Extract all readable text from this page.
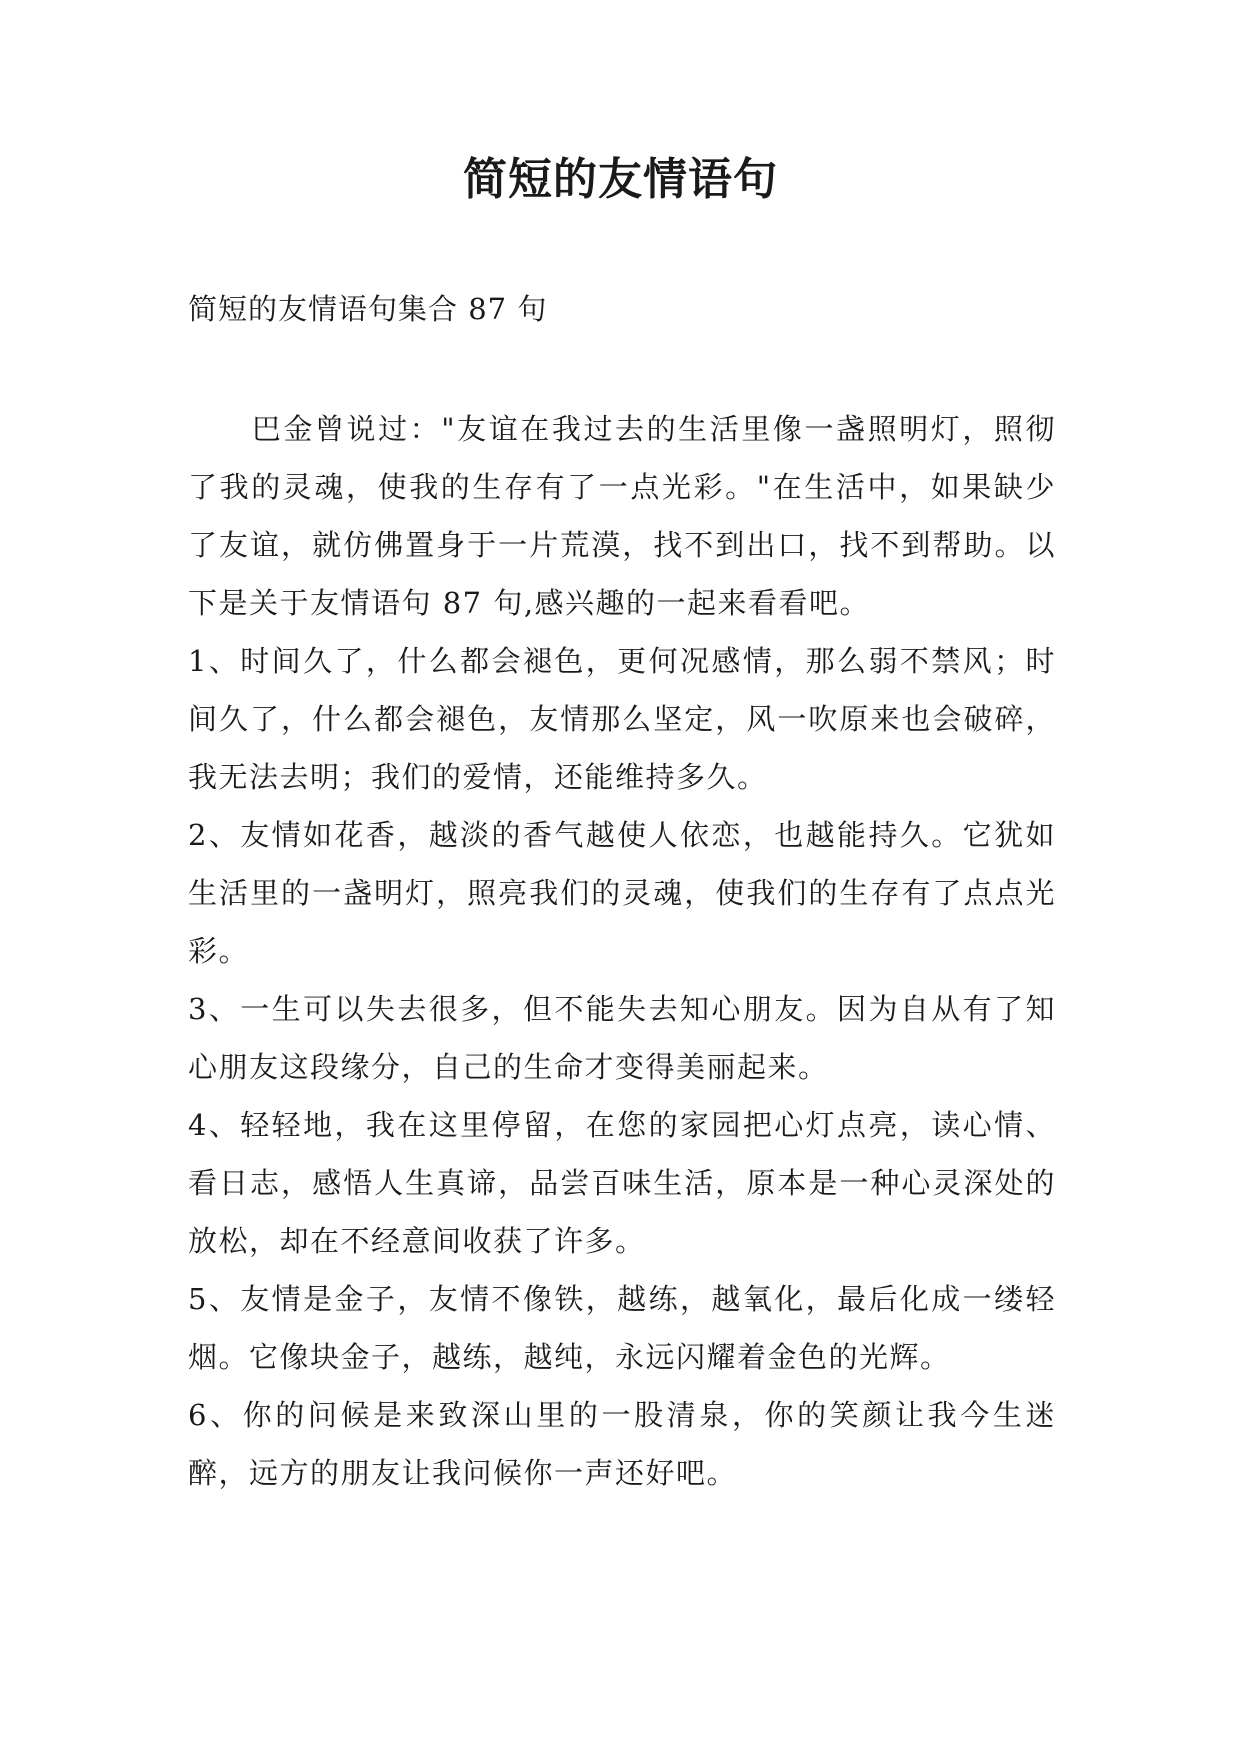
简短的友情语句
简短的友情语句集合 87 句

巴金曾说过："友谊在我过去的生活里像一盏照明灯，照彻了我的灵魂，使我的生存有了一点光彩。"在生活中，如果缺少了友谊，就仿佛置身于一片荒漠，找不到出口，找不到帮助。以下是关于友情语句 87 句,感兴趣的一起来看看吧。

1、时间久了，什么都会褪色，更何况感情，那么弱不禁风；时间久了，什么都会褪色，友情那么坚定，风一吹原来也会破碎，我无法去明；我们的爱情，还能维持多久。

2、友情如花香，越淡的香气越使人依恋，也越能持久。它犹如生活里的一盏明灯，照亮我们的灵魂，使我们的生存有了点点光彩。

3、一生可以失去很多，但不能失去知心朋友。因为自从有了知心朋友这段缘分，自己的生命才变得美丽起来。

4、轻轻地，我在这里停留，在您的家园把心灯点亮，读心情、看日志，感悟人生真谛，品尝百味生活，原本是一种心灵深处的放松，却在不经意间收获了许多。

5、友情是金子，友情不像铁，越练，越氧化，最后化成一缕轻烟。它像块金子，越练，越纯，永远闪耀着金色的光辉。

6、你的问候是来致深山里的一股清泉，你的笑颜让我今生迷醉，远方的朋友让我问候你一声还好吧。
